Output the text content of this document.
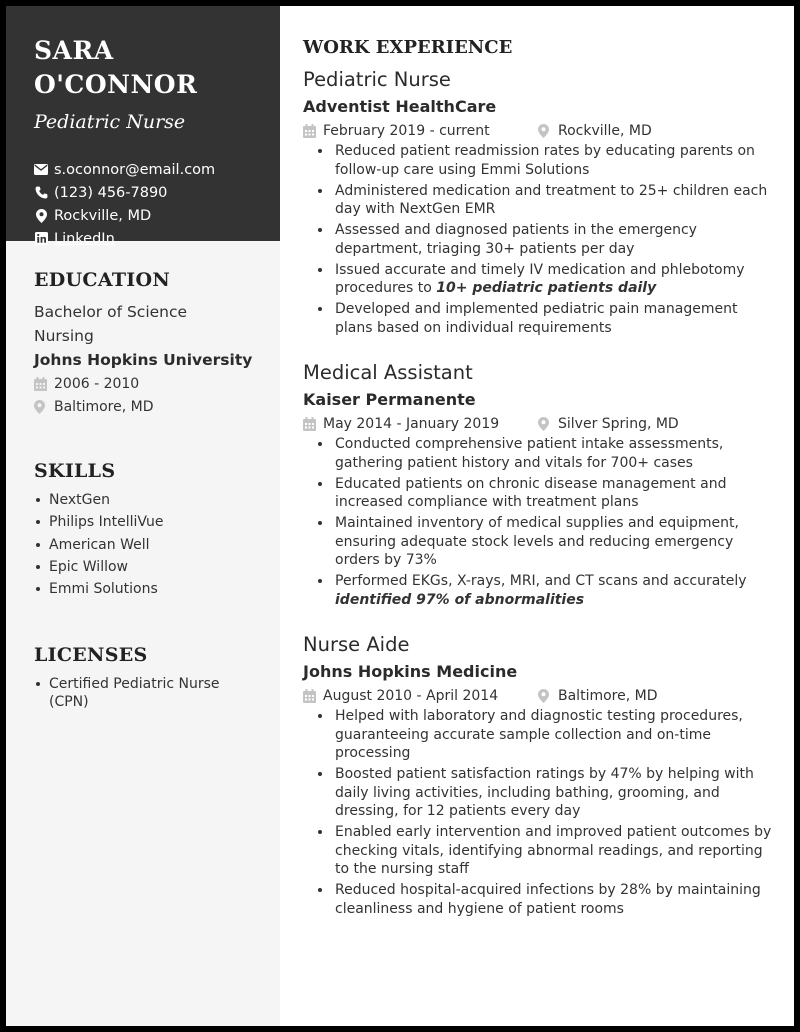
SARA O'CONNOR
Pediatric Nurse
s.oconnor@email.com
(123) 456-7890
Rockville, MD
LinkedIn
EDUCATION
Bachelor of Science
Nursing
Johns Hopkins University
2006 - 2010
Baltimore, MD
SKILLS
NextGen
Philips IntelliVue
American Well
Epic Willow
Emmi Solutions
LICENSES
Certified Pediatric Nurse (CPN)
WORK EXPERIENCE
Pediatric Nurse
Adventist HealthCare
February 2019 - current	Rockville, MD
Reduced patient readmission rates by educating parents on follow-up care using Emmi Solutions
Administered medication and treatment to 25+ children each day with NextGen EMR
Assessed and diagnosed patients in the emergency department, triaging 30+ patients per day
Issued accurate and timely IV medication and phlebotomy procedures to 10+ pediatric patients daily
Developed and implemented pediatric pain management plans based on individual requirements
Medical Assistant
Kaiser Permanente
May 2014 - January 2019	Silver Spring, MD
Conducted comprehensive patient intake assessments, gathering patient history and vitals for 700+ cases
Educated patients on chronic disease management and increased compliance with treatment plans
Maintained inventory of medical supplies and equipment, ensuring adequate stock levels and reducing emergency orders by 73%
Performed EKGs, X-rays, MRI, and CT scans and accurately identified 97% of abnormalities
Nurse Aide
Johns Hopkins Medicine
August 2010 - April 2014	Baltimore, MD
Helped with laboratory and diagnostic testing procedures, guaranteeing accurate sample collection and on-time processing
Boosted patient satisfaction ratings by 47% by helping with daily living activities, including bathing, grooming, and dressing, for 12 patients every day
Enabled early intervention and improved patient outcomes by checking vitals, identifying abnormal readings, and reporting to the nursing staff
Reduced hospital-acquired infections by 28% by maintaining cleanliness and hygiene of patient rooms
